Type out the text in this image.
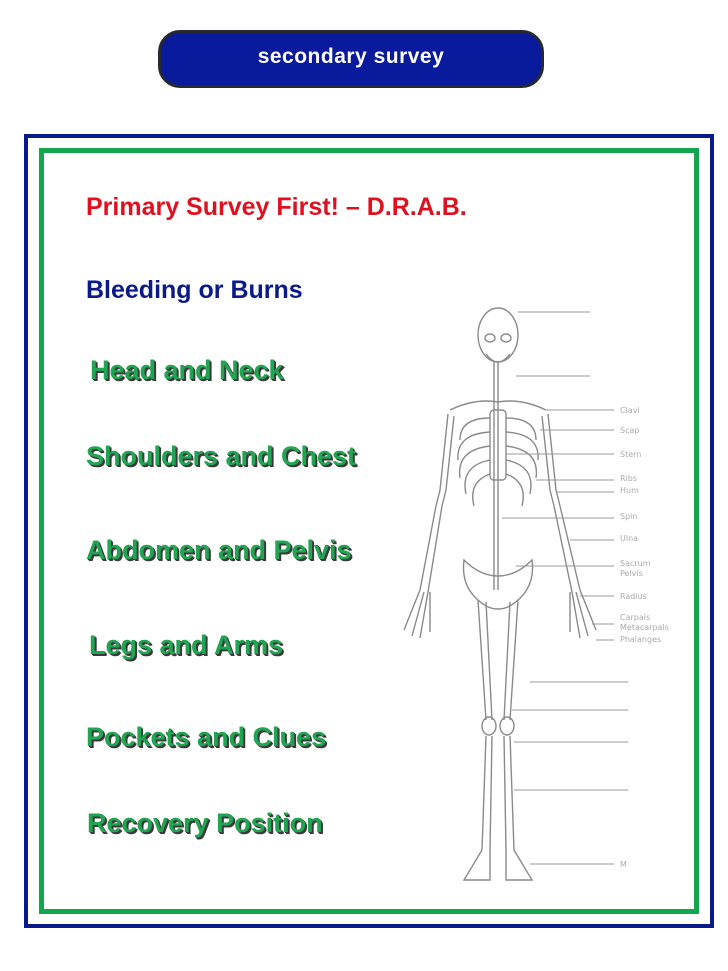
secondary survey
Clavi
Scap
Stern
Ribs
Hum
Spin
Ulna
Sacrum
Pelvis
Radius
Carpals
Metacarpals
Phalanges
M

Primary Survey First! – D.R.A.B.

Bleeding or Burns

Head and Neck

Shoulders and Chest

Abdomen and Pelvis

Legs and Arms

Pockets and Clues

Recovery Position
